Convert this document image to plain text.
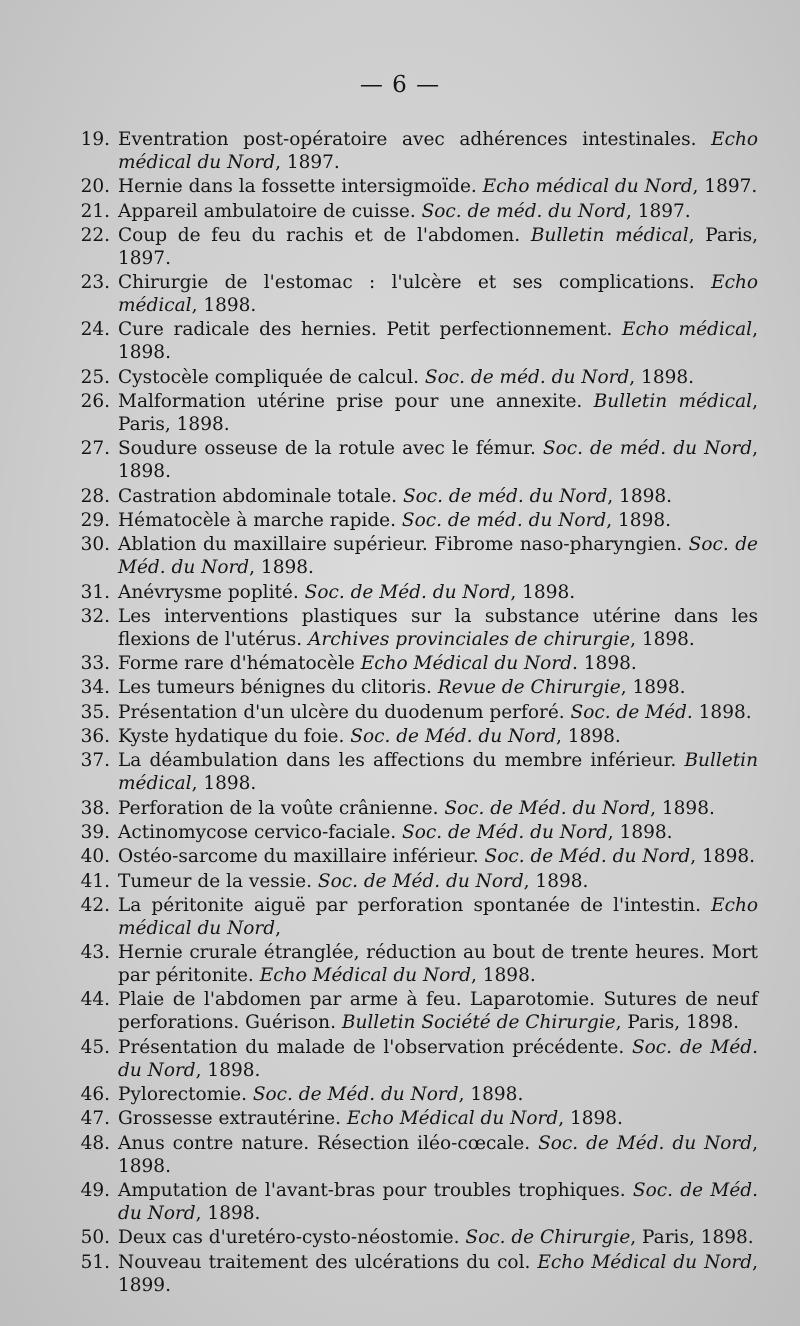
— 6 —
19. Eventration post-opératoire avec adhérences intestinales. Echo médical du Nord, 1897.
20. Hernie dans la fossette intersigmoïde. Echo médical du Nord, 1897.
21. Appareil ambulatoire de cuisse. Soc. de méd. du Nord, 1897.
22. Coup de feu du rachis et de l'abdomen. Bulletin médical, Paris, 1897.
23. Chirurgie de l'estomac : l'ulcère et ses complications. Echo médical, 1898.
24. Cure radicale des hernies. Petit perfectionnement. Echo médical, 1898.
25. Cystocèle compliquée de calcul. Soc. de méd. du Nord, 1898.
26. Malformation utérine prise pour une annexite. Bulletin médical, Paris, 1898.
27. Soudure osseuse de la rotule avec le fémur. Soc. de méd. du Nord, 1898.
28. Castration abdominale totale. Soc. de méd. du Nord, 1898.
29. Hématocèle à marche rapide. Soc. de méd. du Nord, 1898.
30. Ablation du maxillaire supérieur. Fibrome naso-pharyngien. Soc. de Méd. du Nord, 1898.
31. Anévrysme poplité. Soc. de Méd. du Nord, 1898.
32. Les interventions plastiques sur la substance utérine dans les flexions de l'utérus. Archives provinciales de chirurgie, 1898.
33. Forme rare d'hématocèle Echo Médical du Nord. 1898.
34. Les tumeurs bénignes du clitoris. Revue de Chirurgie, 1898.
35. Présentation d'un ulcère du duodenum perforé. Soc. de Méd. 1898.
36. Kyste hydatique du foie. Soc. de Méd. du Nord, 1898.
37. La déambulation dans les affections du membre inférieur. Bulletin médical, 1898.
38. Perforation de la voûte crânienne. Soc. de Méd. du Nord, 1898.
39. Actinomycose cervico-faciale. Soc. de Méd. du Nord, 1898.
40. Ostéo-sarcome du maxillaire inférieur. Soc. de Méd. du Nord, 1898.
41. Tumeur de la vessie. Soc. de Méd. du Nord, 1898.
42. La péritonite aiguë par perforation spontanée de l'intestin. Echo médical du Nord,
43. Hernie crurale étranglée, réduction au bout de trente heures. Mort par péritonite. Echo Médical du Nord, 1898.
44. Plaie de l'abdomen par arme à feu. Laparotomie. Sutures de neuf perforations. Guérison. Bulletin Société de Chirurgie, Paris, 1898.
45. Présentation du malade de l'observation précédente. Soc. de Méd. du Nord, 1898.
46. Pylorectomie. Soc. de Méd. du Nord, 1898.
47. Grossesse extrautérine. Echo Médical du Nord, 1898.
48. Anus contre nature. Résection iléo-cœcale. Soc. de Méd. du Nord, 1898.
49. Amputation de l'avant-bras pour troubles trophiques. Soc. de Méd. du Nord, 1898.
50. Deux cas d'uretéro-cysto-néostomie. Soc. de Chirurgie, Paris, 1898.
51. Nouveau traitement des ulcérations du col. Echo Médical du Nord, 1899.
